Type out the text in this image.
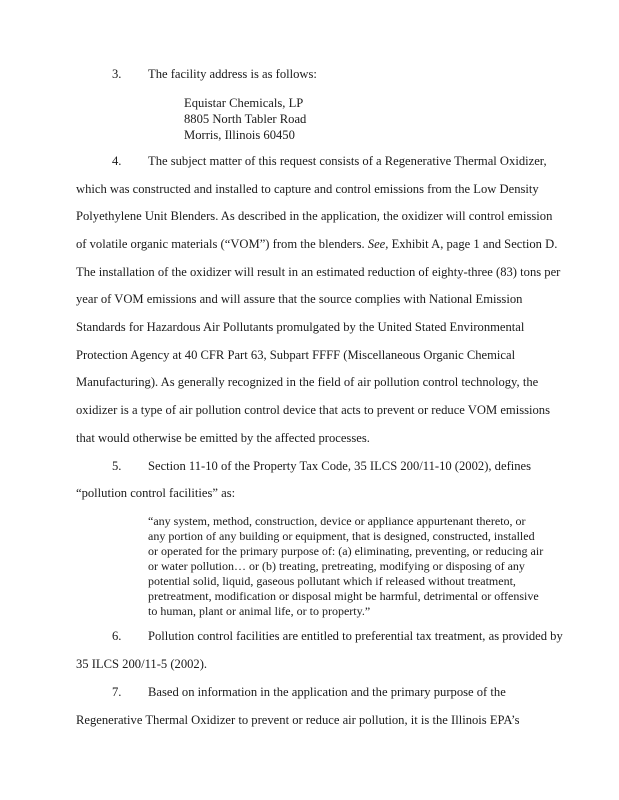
3. The facility address is as follows:
Equistar Chemicals, LP
8805 North Tabler Road
Morris, Illinois 60450
4. The subject matter of this request consists of a Regenerative Thermal Oxidizer,
which was constructed and installed to capture and control emissions from the Low Density
Polyethylene Unit Blenders. As described in the application, the oxidizer will control emission
of volatile organic materials (“VOM”) from the blenders. See, Exhibit A, page 1 and Section D.
The installation of the oxidizer will result in an estimated reduction of eighty-three (83) tons per
year of VOM emissions and will assure that the source complies with National Emission
Standards for Hazardous Air Pollutants promulgated by the United Stated Environmental
Protection Agency at 40 CFR Part 63, Subpart FFFF (Miscellaneous Organic Chemical
Manufacturing). As generally recognized in the field of air pollution control technology, the
oxidizer is a type of air pollution control device that acts to prevent or reduce VOM emissions
that would otherwise be emitted by the affected processes.
5. Section 11-10 of the Property Tax Code, 35 ILCS 200/11-10 (2002), defines
“pollution control facilities” as:
“any system, method, construction, device or appliance appurtenant thereto, or
any portion of any building or equipment, that is designed, constructed, installed
or operated for the primary purpose of: (a) eliminating, preventing, or reducing air
or water pollution… or (b) treating, pretreating, modifying or disposing of any
potential solid, liquid, gaseous pollutant which if released without treatment,
pretreatment, modification or disposal might be harmful, detrimental or offensive
to human, plant or animal life, or to property.”
6. Pollution control facilities are entitled to preferential tax treatment, as provided by
35 ILCS 200/11-5 (2002).
7. Based on information in the application and the primary purpose of the
Regenerative Thermal Oxidizer to prevent or reduce air pollution, it is the Illinois EPA’s
